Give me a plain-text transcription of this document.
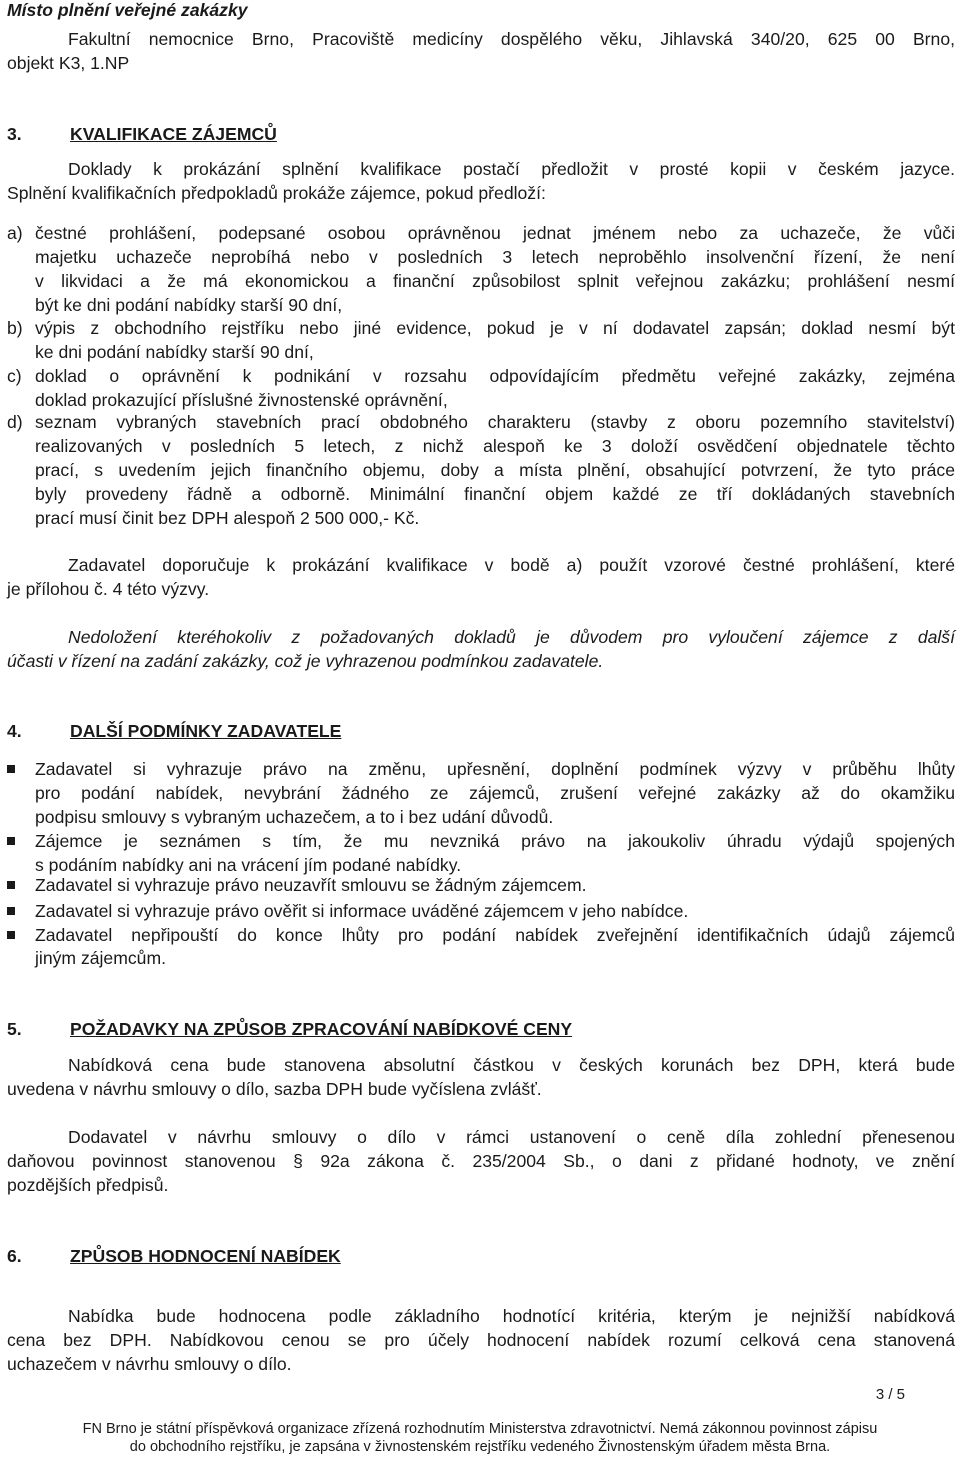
Místo plnění veřejné zakázky
Fakultní nemocnice Brno, Pracoviště medicíny dospělého věku, Jihlavská 340/20, 625 00 Brno,
objekt K3, 1.NP
3.	KVALIFIKACE ZÁJEMCŮ
Doklady k prokázání splnění kvalifikace postačí předložit v prosté kopii v českém jazyce.
Splnění kvalifikačních předpokladů prokáže zájemce, pokud předloží:
a) čestné prohlášení, podepsané osobou oprávněnou jednat jménem nebo za uchazeče, že vůči
majetku uchazeče neprobíhá nebo v posledních 3 letech neproběhlo insolvenční řízení, že není
v likvidaci a že má ekonomickou a finanční způsobilost splnit veřejnou zakázku; prohlášení nesmí
být ke dni podání nabídky starší 90 dní,
b) výpis z obchodního rejstříku nebo jiné evidence, pokud je v ní dodavatel zapsán; doklad nesmí být
ke dni podání nabídky starší 90 dní,
c) doklad o oprávnění k podnikání v rozsahu odpovídajícím předmětu veřejné zakázky, zejména
doklad prokazující příslušné živnostenské oprávnění,
d) seznam vybraných stavebních prací obdobného charakteru (stavby z oboru pozemního stavitelství)
realizovaných v posledních 5 letech, z nichž alespoň ke 3 doloží osvědčení objednatele těchto
prací, s uvedením jejich finančního objemu, doby a místa plnění, obsahující potvrzení, že tyto práce
byly provedeny řádně a odborně. Minimální finanční objem každé ze tří dokládaných stavebních
prací musí činit bez DPH alespoň 2 500 000,- Kč.
Zadavatel doporučuje k prokázání kvalifikace v bodě a) použít vzorové čestné prohlášení, které
je přílohou č. 4 této výzvy.
Nedoložení kteréhokoliv z požadovaných dokladů je důvodem pro vyloučení zájemce z další
účasti v řízení na zadání zakázky, což je vyhrazenou podmínkou zadavatele.
4.	DALŠÍ PODMÍNKY ZADAVATELE
Zadavatel si vyhrazuje právo na změnu, upřesnění, doplnění podmínek výzvy v průběhu lhůty
pro podání nabídek, nevybrání žádného ze zájemců, zrušení veřejné zakázky až do okamžiku
podpisu smlouvy s vybraným uchazečem, a to i bez udání důvodů.
Zájemce je seznámen s tím, že mu nevzniká právo na jakoukoliv úhradu výdajů spojených
s podáním nabídky ani na vrácení jím podané nabídky.
Zadavatel si vyhrazuje právo neuzavřít smlouvu se žádným zájemcem.
Zadavatel si vyhrazuje právo ověřit si informace uváděné zájemcem v jeho nabídce.
Zadavatel nepřipouští do konce lhůty pro podání nabídek zveřejnění identifikačních údajů zájemců
jiným zájemcům.
5.	POŽADAVKY NA ZPŮSOB ZPRACOVÁNÍ NABÍDKOVÉ CENY
Nabídková cena bude stanovena absolutní částkou v českých korunách bez DPH, která bude
uvedena v návrhu smlouvy o dílo, sazba DPH bude vyčíslena zvlášť.
Dodavatel v návrhu smlouvy o dílo v rámci ustanovení o ceně díla zohlední přenesenou
daňovou povinnost stanovenou § 92a zákona č. 235/2004 Sb., o dani z přidané hodnoty, ve znění
pozdějších předpisů.
6.	ZPŮSOB HODNOCENÍ NABÍDEK
Nabídka bude hodnocena podle základního hodnotící kritéria, kterým je nejnižší nabídková
cena bez DPH. Nabídkovou cenou se pro účely hodnocení nabídek rozumí celková cena stanovená
uchazečem v návrhu smlouvy o dílo.
3 / 5
FN Brno je státní příspěvková organizace zřízená rozhodnutím Ministerstva zdravotnictví. Nemá zákonnou povinnost zápisu
do obchodního rejstříku, je zapsána v živnostenském rejstříku vedeného Živnostenským úřadem města Brna.
